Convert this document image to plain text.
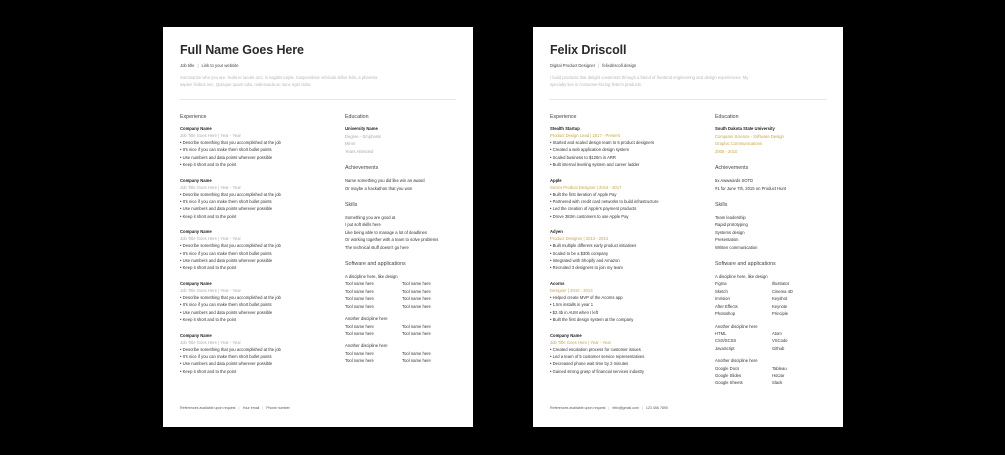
Full Name Goes Here
Job title | Link to your website
Summarize who you are. Nulla et iaculis orci, in sagittis turpis. Suspendisse vehicula tellus felis, a pharetra sapien finibus nec. Quisque quam odio, malesuada ac nunc eget dolor.
Experience
Company Name
Job Title Goes Here | Year - Year
• Describe something that you accomplished at the job
• It's nice if you can make them short bullet points
• Use numbers and data points wherever possible
• Keep it short and to the point
Company Name
Job Title Goes Here | Year - Year
• Describe something that you accomplished at the job
• It's nice if you can make them short bullet points
• Use numbers and data points wherever possible
• Keep it short and to the point
Company Name
Job Title Goes Here | Year - Year
• Describe something that you accomplished at the job
• It's nice if you can make them short bullet points
• Use numbers and data points wherever possible
• Keep it short and to the point
Company Name
Job Title Goes Here | Year - Year
• Describe something that you accomplished at the job
• It's nice if you can make them short bullet points
• Use numbers and data points wherever possible
• Keep it short and to the point
Company Name
Job Title Goes Here | Year - Year
• Describe something that you accomplished at the job
• It's nice if you can make them short bullet points
• Use numbers and data points wherever possible
• Keep it short and to the point
Education
University Name
Degree - Emphasis
Minor
Years Attended
Achievements
Name something you did like win an award
Or maybe a hackathon that you won
Skills
Something you are good at
I put soft skills here
Like being able to manage a lot of deadlines
Or working together with a team to solve problems
The technical stuff doesn't go here
Software and applications
A discipline here, like design
Tool name here	Tool name here
Tool name here	Tool name here
Tool name here	Tool name here
Tool name here	Tool name here
Another discipline here
Tool name here	Tool name here
Tool name here	Tool name here
Another discipline here
Tool name here	Tool name here
Tool name here	Tool name here
References available upon request | Your email | Phone number
Felix Driscoll
Digital Product Designer | felixdriscoll.design
I build products that delight customers through a blend of frontend engineering and design experiences. My specialty lies in consumer-facing fintech products.
Experience
Stealth Startup
Product Design Lead | 2017 - Present
• Started and scaled design team to 6 product designers
• Created a web application design system
• Scaled business to $120m in ARR
• Built internal leveling system and career ladder
Apple
Senior Product Designer | 2014 - 2017
• Built the first iteration of Apple Pay
• Partnered with credit card networks to build infrastructure
• Led the creation of Apple's payment products
• Drove 383m customers to use Apple Pay
Adyen
Product Designer | 2013 - 2014
• Built multiple different early product initiatives
• Scaled to be a $30b company
• Integrated with Shopify and Amazon
• Recruited 3 designers to join my team
Acorns
Designer | 2010 - 2013
• Helped create MVP of the Acorns app
• 1.5m installs in year 1
• $2.4b in AUM when I left
• Built the first design system at the company
Company Name
Job Title Goes Here | Year - Year
• Created escalation process for customer issues
• Led a team of 5 customer service representatives
• Decreased phone wait time by 2 minutes
• Gained strong grasp of financial services industry
Education
South Dakota State University
Computer Science - Software Design
Graphic Communications
2005 - 2010
Achievements
5x Awwwards SOTD
#1 for June 7th, 2015 on Product Hunt
Skills
Team leadership
Rapid prototyping
Systems design
Presentation
Written communication
Software and applications
A discipline here, like design
Figma	Illustrator
Sketch	Cinema 4D
InVision	Keyshot
After Effects	Keynote
Photoshop	Principle
Another discipline here
HTML	Atom
CSS/SCSS	VSCode
JavaScript	Github
Another discipline here
Google Docs	Tableau
Google Slides	HotJar
Google Sheets	Slack
References available upon request | felix@gmail.com | 123 456 7890
